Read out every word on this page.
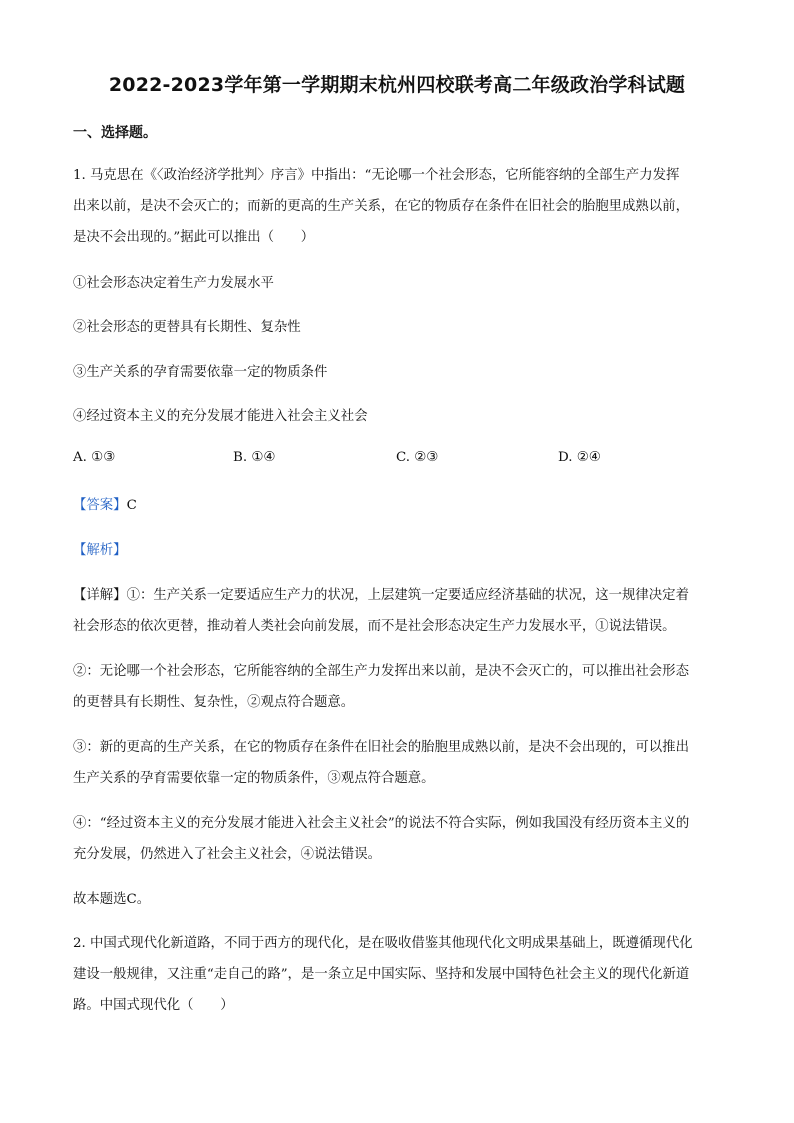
2022-2023学年第一学期期末杭州四校联考高二年级政治学科试题
一、选择题。
1. 马克思在《〈政治经济学批判〉序言》中指出：“无论哪一个社会形态，它所能容纳的全部生产力发挥
出来以前，是决不会灭亡的；而新的更高的生产关系，在它的物质存在条件在旧社会的胎胞里成熟以前，
是决不会出现的。”据此可以推出（　　）
①社会形态决定着生产力发展水平
②社会形态的更替具有长期性、复杂性
③生产关系的孕育需要依靠一定的物质条件
④经过资本主义的充分发展才能进入社会主义社会
A. ①③	B. ①④	C. ②③	D. ②④
【答案】C
【解析】
【详解】①：生产关系一定要适应生产力的状况，上层建筑一定要适应经济基础的状况，这一规律决定着
社会形态的依次更替，推动着人类社会向前发展，而不是社会形态决定生产力发展水平，①说法错误。
②：无论哪一个社会形态，它所能容纳的全部生产力发挥出来以前，是决不会灭亡的，可以推出社会形态
的更替具有长期性、复杂性，②观点符合题意。
③：新的更高的生产关系，在它的物质存在条件在旧社会的胎胞里成熟以前，是决不会出现的，可以推出
生产关系的孕育需要依靠一定的物质条件，③观点符合题意。
④：“经过资本主义的充分发展才能进入社会主义社会”的说法不符合实际，例如我国没有经历资本主义的
充分发展，仍然进入了社会主义社会，④说法错误。
故本题选C。
2. 中国式现代化新道路，不同于西方的现代化，是在吸收借鉴其他现代化文明成果基础上，既遵循现代化
建设一般规律，又注重“走自己的路”，是一条立足中国实际、坚持和发展中国特色社会主义的现代化新道
路。中国式现代化（　　）
